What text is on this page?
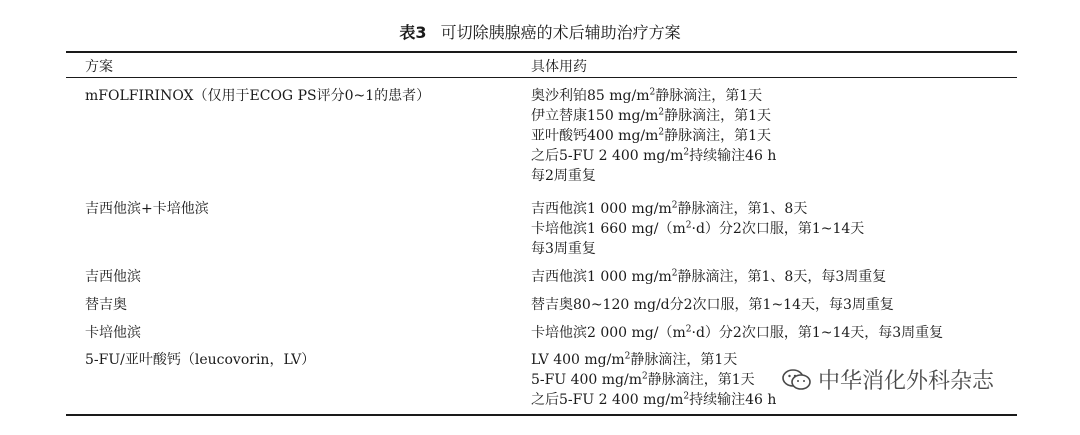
表3 可切除胰腺癌的术后辅助治疗方案
方案	具体用药
mFOLFIRINOX（仅用于ECOG PS评分0~1的患者）	奥沙利铂85 $mg/m^2$静脉滴注，第1天
伊立替康150 $mg/m^2$静脉滴注，第1天
亚叶酸钙400 $mg/m^2$静脉滴注，第1天
之后5-FU 2 400 $mg/m^2$持续输注46 h
每2周重复
吉西他滨+卡培他滨	吉西他滨1 000 $mg/m^2$静脉滴注，第1、8天
卡培他滨1 660 $mg/(m^2\cdot d)$分2次口服，第1~14天
每3周重复
吉西他滨	吉西他滨1 000 $mg/m^2$静脉滴注，第1、8天，每3周重复
替吉奥	替吉奥80~120 mg/d分2次口服，第1~14天，每3周重复
卡培他滨	卡培他滨2 000 $mg/(m^2\cdot d)$分2次口服，第1~14天，每3周重复
5-FU/亚叶酸钙（leucovorin，LV）	LV 400 $mg/m^2$静脉滴注，第1天
5-FU 400 $mg/m^2$静脉滴注，第1天
之后5-FU 2 400 $mg/m^2$持续输注46 h
中华消化外科杂志
